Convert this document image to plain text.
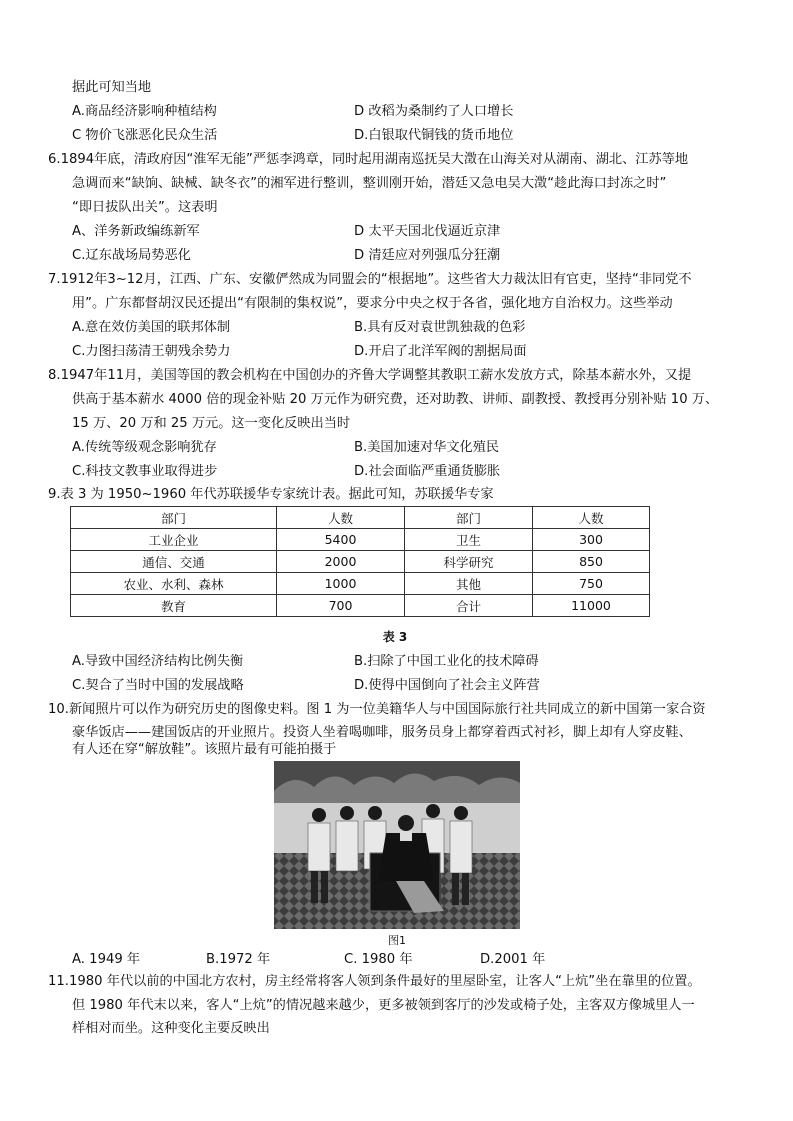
据此可知当地
A.商品经济影响种植结构	D 改稻为桑制约了人口增长
C 物价飞涨恶化民众生活	D.白银取代铜钱的货币地位
6.1894年底，清政府因“淮军无能”严惩李鸿章，同时起用湖南巡抚吴大澂在山海关对从湖南、湖北、江苏等地
急调而来“缺饷、缺械、缺冬衣”的湘军进行整训，整训刚开始，潜廷又急电吴大澂“趁此海口封冻之时”
“即日拔队出关”。这表明
A、洋务新政编练新军	D 太平天国北伐逼近京津
C.辽东战场局势恶化	D 清廷应对列强瓜分狂潮
7.1912年3~12月，江西、广东、安徽俨然成为同盟会的“根据地”。这些省大力裁汰旧有官吏，坚持“非同党不
用”。广东都督胡汉民还提出“有限制的集权说”，要求分中央之权于各省，强化地方自治权力。这些举动
A.意在效仿美国的联邦体制	B.具有反对袁世凯独裁的色彩
C.力图扫荡清王朝残余势力	D.开启了北洋军阀的割据局面
8.1947年11月，美国等国的教会机构在中国创办的齐鲁大学调整其教职工薪水发放方式，除基本薪水外，又提
供高于基本薪水 4000 倍的现金补贴 20 万元作为研究费，还对助教、讲师、副教授、教授再分别补贴 10 万、
15 万、20 万和 25 万元。这一变化反映出当时
A.传统等级观念影响犹存	B.美国加速对华文化殖民
C.科技文教事业取得进步	D.社会面临严重通货膨胀
9.表 3 为 1950~1960 年代苏联援华专家统计表。据此可知，苏联援华专家
部门	人数	部门	人数
工业企业	5400	卫生	300
通信、交通	2000	科学研究	850
农业、水利、森林	1000	其他	750
教育	700	合计	11000
表 3
A.导致中国经济结构比例失衡	B.扫除了中国工业化的技术障碍
C.契合了当时中国的发展战略	D.使得中国倒向了社会主义阵营
10.新闻照片可以作为研究历史的图像史料。图 1 为一位美籍华人与中国国际旅行社共同成立的新中国第一家合资
豪华饭店——建国饭店的开业照片。投资人坐着喝咖啡，服务员身上都穿着西式衬衫，脚上却有人穿皮鞋、
有人还在穿“解放鞋”。该照片最有可能拍摄于
图1
A. 1949 年	B.1972 年	C. 1980 年	D.2001 年
11.1980 年代以前的中国北方农村，房主经常将客人领到条件最好的里屋卧室，让客人“上炕”坐在靠里的位置。
但 1980 年代末以来，客人“上炕”的情况越来越少，更多被领到客厅的沙发或椅子处，主客双方像城里人一
样相对而坐。这种变化主要反映出
